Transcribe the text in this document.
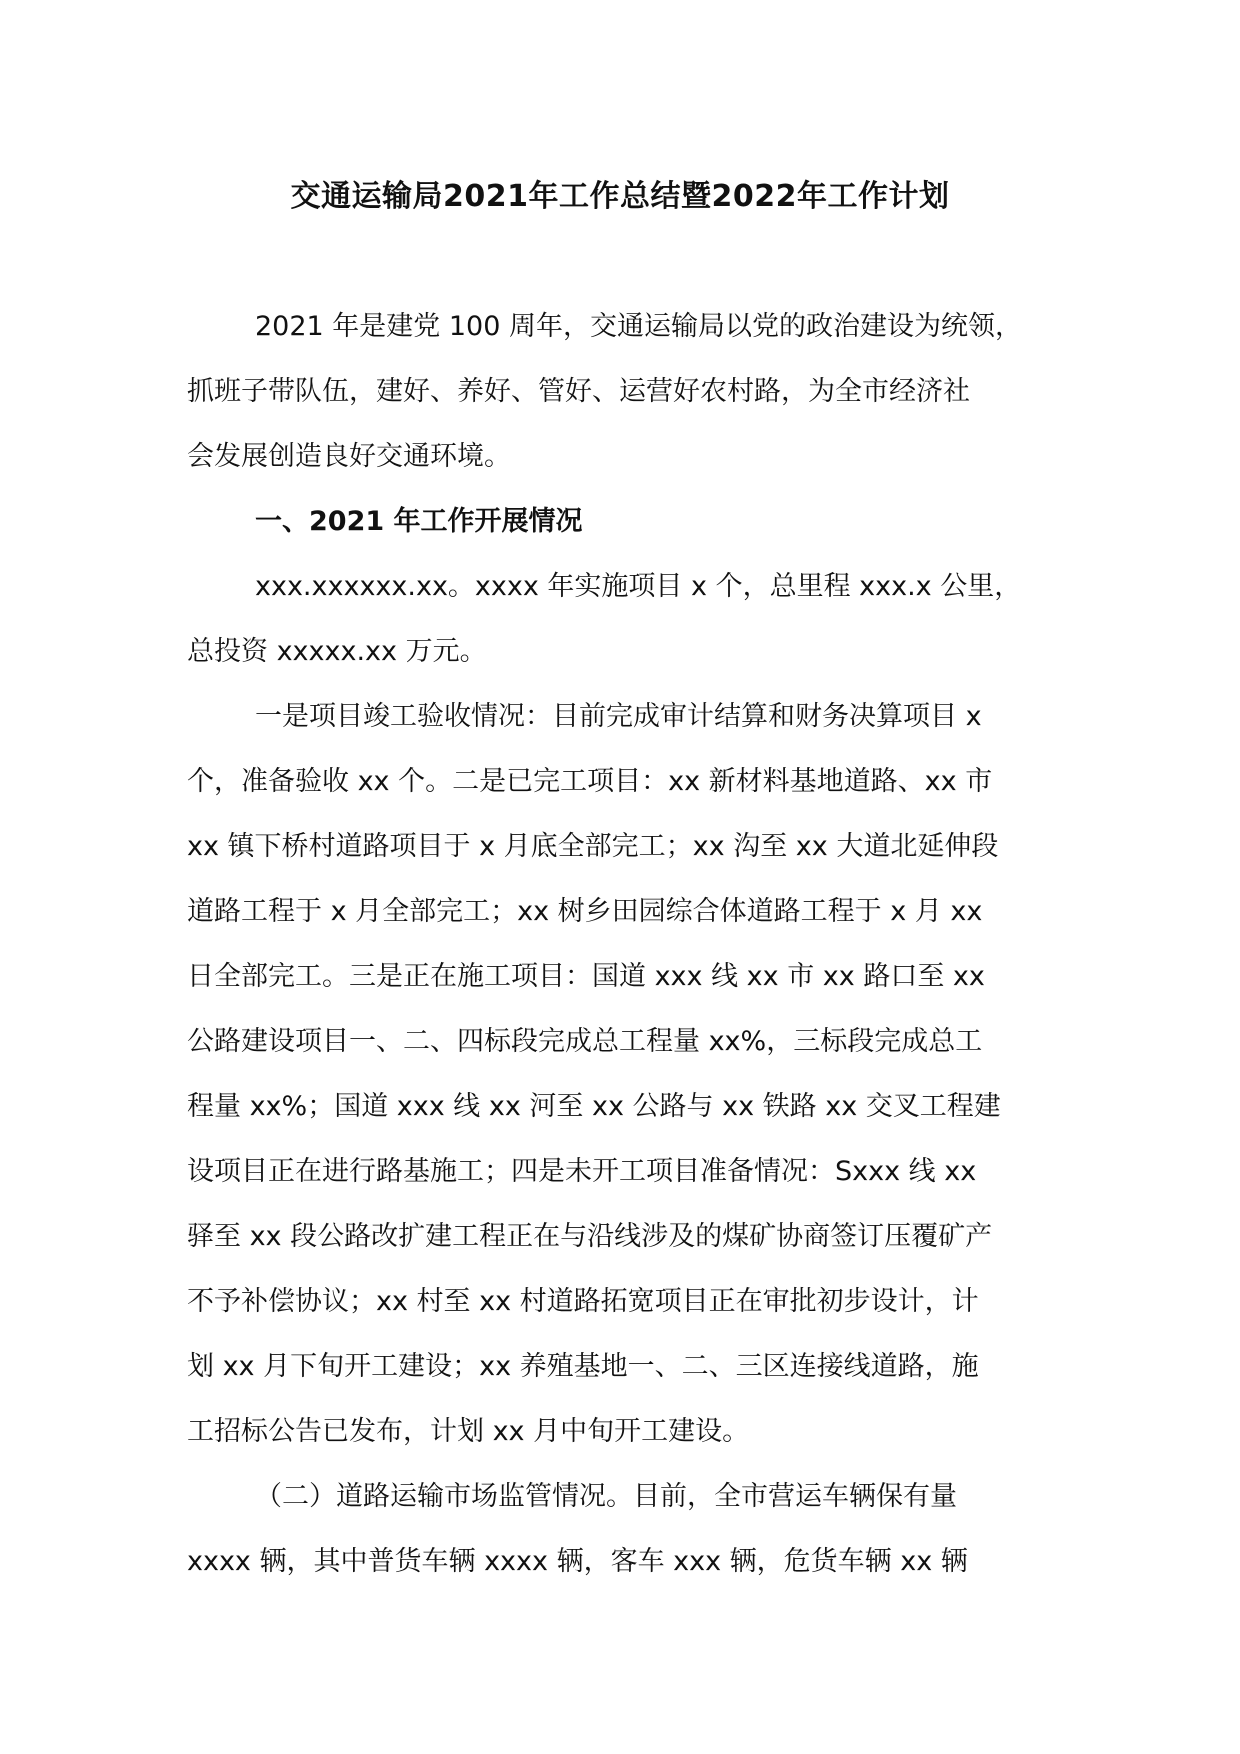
交通运输局2021年工作总结暨2022年工作计划
2021 年是建党 100 周年，交通运输局以党的政治建设为统领，
抓班子带队伍，建好、养好、管好、运营好农村路，为全市经济社
会发展创造良好交通环境。
一、2021 年工作开展情况
xxx.xxxxxx.xx。xxxx 年实施项目 x 个，总里程 xxx.x 公里，
总投资 xxxxx.xx 万元。
一是项目竣工验收情况：目前完成审计结算和财务决算项目 x
个，准备验收 xx 个。二是已完工项目：xx 新材料基地道路、xx 市
xx 镇下桥村道路项目于 x 月底全部完工；xx 沟至 xx 大道北延伸段
道路工程于 x 月全部完工；xx 树乡田园综合体道路工程于 x 月 xx
日全部完工。三是正在施工项目：国道 xxx 线 xx 市 xx 路口至 xx
公路建设项目一、二、四标段完成总工程量 xx%，三标段完成总工
程量 xx%；国道 xxx 线 xx 河至 xx 公路与 xx 铁路 xx 交叉工程建
设项目正在进行路基施工；四是未开工项目准备情况：Sxxx 线 xx
驿至 xx 段公路改扩建工程正在与沿线涉及的煤矿协商签订压覆矿产
不予补偿协议；xx 村至 xx 村道路拓宽项目正在审批初步设计，计
划 xx 月下旬开工建设；xx 养殖基地一、二、三区连接线道路，施
工招标公告已发布，计划 xx 月中旬开工建设。
（二）道路运输市场监管情况。目前，全市营运车辆保有量
xxxx 辆，其中普货车辆 xxxx 辆，客车 xxx 辆，危货车辆 xx 辆
